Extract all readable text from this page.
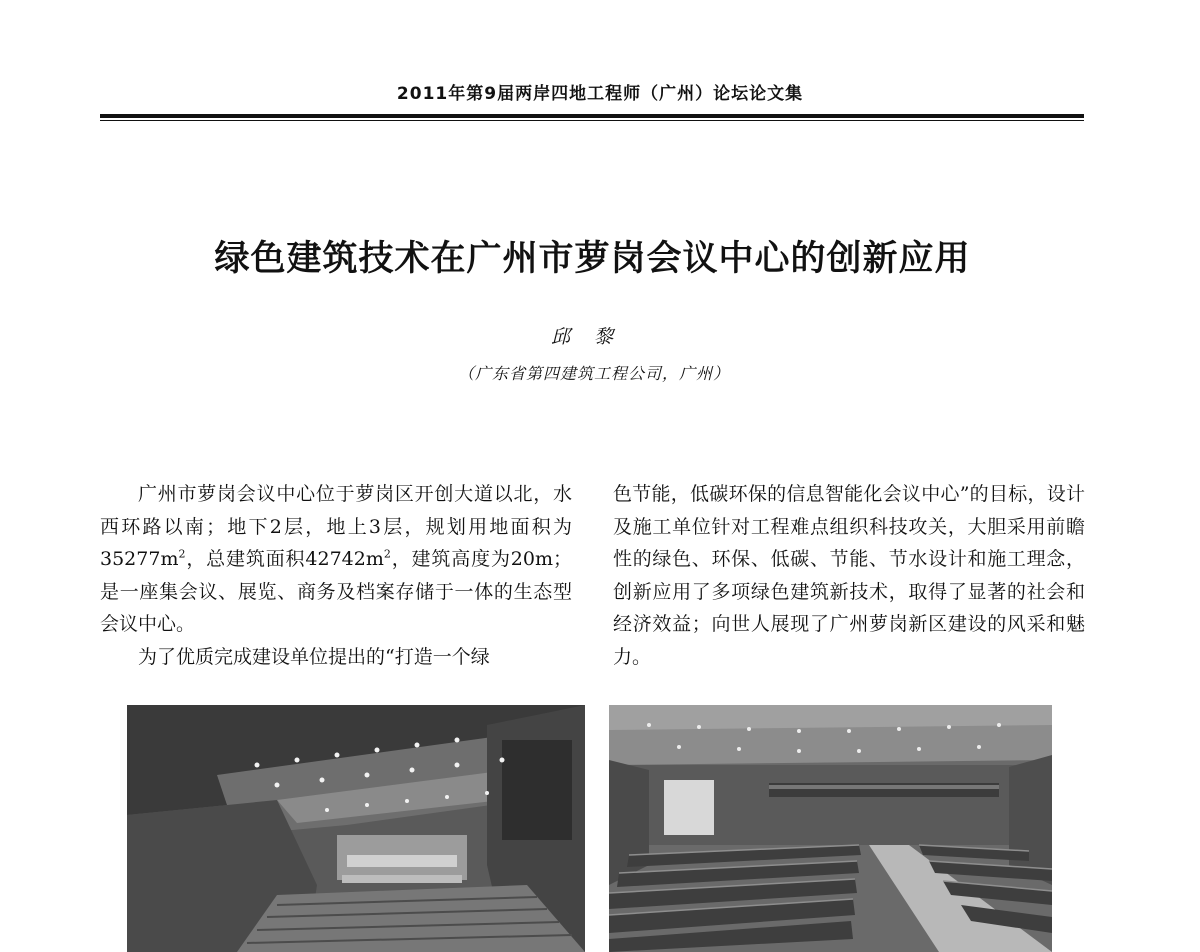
2011年第9届两岸四地工程师（广州）论坛论文集
绿色建筑技术在广州市萝岗会议中心的创新应用
邱黎
（广东省第四建筑工程公司，广州）

广州市萝岗会议中心位于萝岗区开创大道以北，水西环路以南；地下2层，地上3层，规划用地面积为$35277m^2$，总建筑面积$42742m^2$，建筑高度为20m；是一座集会议、展览、商务及档案存储于一体的生态型会议中心。

为了优质完成建设单位提出的“打造一个绿

色节能，低碳环保的信息智能化会议中心”的目标，设计及施工单位针对工程难点组织科技攻关，大胆采用前瞻性的绿色、环保、低碳、节能、节水设计和施工理念，创新应用了多项绿色建筑新技术，取得了显著的社会和经济效益；向世人展现了广州萝岗新区建设的风采和魅力。
